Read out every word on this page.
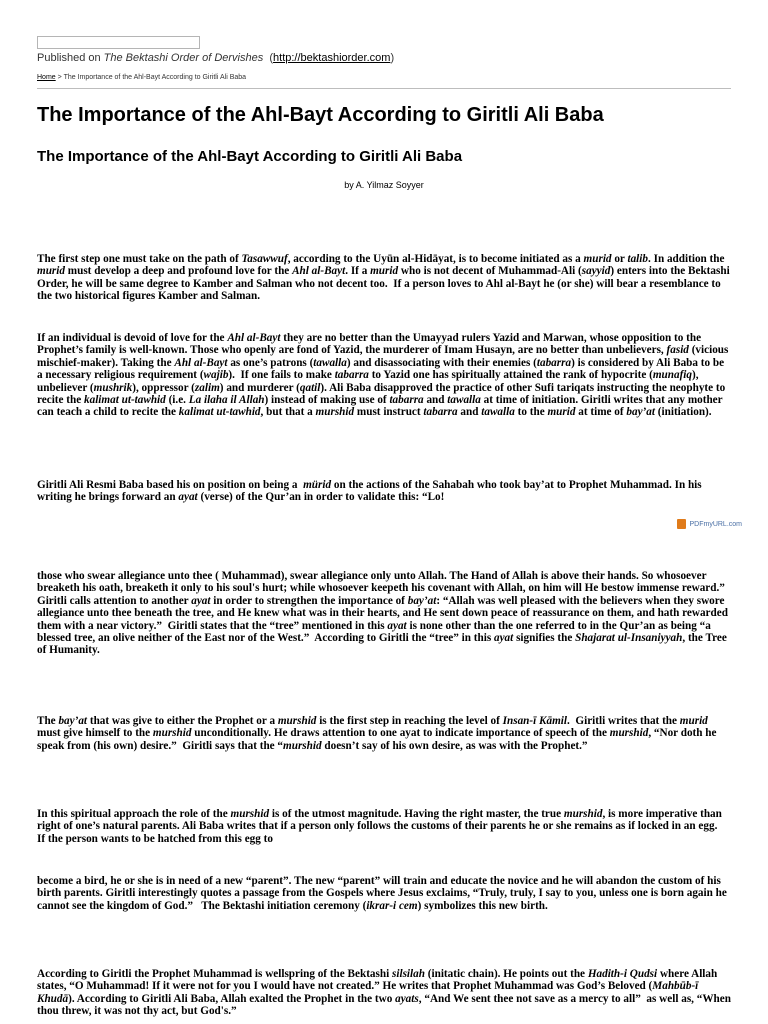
Published on The Bektashi Order of Dervishes  (http://bektashiorder.com)
Home > The Importance of the Ahl-Bayt According to Giritli Ali Baba
The Importance of the Ahl-Bayt According to Giritli Ali Baba
The Importance of the Ahl-Bayt According to Giritli Ali Baba
by A. Yilmaz Soyyer

The first step one must take on the path of Tasawwuf, according to the Uyūn al-Hidāyat, is to become initiated as a murid or talib. In addition the murid must develop a deep and profound love for the Ahl al-Bayt. If a murid who is not decent of Muhammad-Ali (sayyid) enters into the Bektashi Order, he will be same degree to Kamber and Salman who not decent too.  If a person loves to Ahl al-Bayt he (or she) will bear a resemblance to the two historical figures Kamber and Salman.

If an individual is devoid of love for the Ahl al-Bayt they are no better than the Umayyad rulers Yazid and Marwan, whose opposition to the Prophet’s family is well-known. Those who openly are fond of Yazid, the murderer of Imam Husayn, are no better than unbelievers, fasid (vicious mischief-maker). Taking the Ahl al-Bayt as one’s patrons (tawalla) and disassociating with their enemies (tabarra) is considered by Ali Baba to be a necessary religious requirement (wajib).  If one fails to make tabarra to Yazid one has spiritually attained the rank of hypocrite (munafiq), unbeliever (mushrik), oppressor (zalim) and murderer (qatil). Ali Baba disapproved the practice of other Sufi tariqats instructing the neophyte to recite the kalimat ut-tawhid (i.e. La ilaha il Allah) instead of making use of tabarra and tawalla at time of initiation. Giritli writes that any mother can teach a child to recite the kalimat ut-tawhid, but that a murshid must instruct tabarra and tawalla to the murid at time of bay’at (initiation).

Giritli Ali Resmi Baba based his on position on being a  mürid on the actions of the Sahabah who took bay’at to Prophet Muhammad. In his writing he brings forward an ayat (verse) of the Qur’an in order to validate this: “Lo!

PDFmyURL.com

those who swear allegiance unto thee ( Muhammad), swear allegiance only unto Allah. The Hand of Allah is above their hands. So whosoever breaketh his oath, breaketh it only to his soul's hurt; while whosoever keepeth his covenant with Allah, on him will He bestow immense reward.”  Giritli calls attention to another ayat in order to strengthen the importance of bay’at: “Allah was well pleased with the believers when they swore allegiance unto thee beneath the tree, and He knew what was in their hearts, and He sent down peace of reassurance on them, and hath rewarded them with a near victory.”  Giritli states that the “tree” mentioned in this ayat is none other than the one referred to in the Qur’an as being “a blessed tree, an olive neither of the East nor of the West.”  According to Giritli the “tree” in this ayat signifies the Shajarat ul-Insaniyyah, the Tree of Humanity.

The bay’at that was give to either the Prophet or a murshid is the first step in reaching the level of Insan-ī Kāmil.  Giritli writes that the murid must give himself to the murshid unconditionally. He draws attention to one ayat to indicate importance of speech of the murshid, “Nor doth he speak from (his own) desire.”  Giritli says that the “murshid doesn’t say of his own desire, as was with the Prophet.”

In this spiritual approach the role of the murshid is of the utmost magnitude. Having the right master, the true murshid, is more imperative than right of one’s natural parents. Ali Baba writes that if a person only follows the customs of their parents he or she remains as if locked in an egg.  If the person wants to be hatched from this egg to

become a bird, he or she is in need of a new “parent”. The new “parent” will train and educate the novice and he will abandon the custom of his birth parents. Giritli interestingly quotes a passage from the Gospels where Jesus exclaims, “Truly, truly, I say to you, unless one is born again he cannot see the kingdom of God.”   The Bektashi initiation ceremony (ikrar-i cem) symbolizes this new birth.

According to Giritli the Prophet Muhammad is wellspring of the Bektashi silsilah (initatic chain). He points out the Hadith-i Qudsi where Allah states, “O Muhammad! If it were not for you I would have not created.” He writes that Prophet Muhammad was God’s Beloved (Mahbūb-ī Khudā). According to Giritli Ali Baba, Allah exalted the Prophet in the two ayats, “And We sent thee not save as a mercy to all”  as well as, “When thou threw, it was not thy act, but God's.”
